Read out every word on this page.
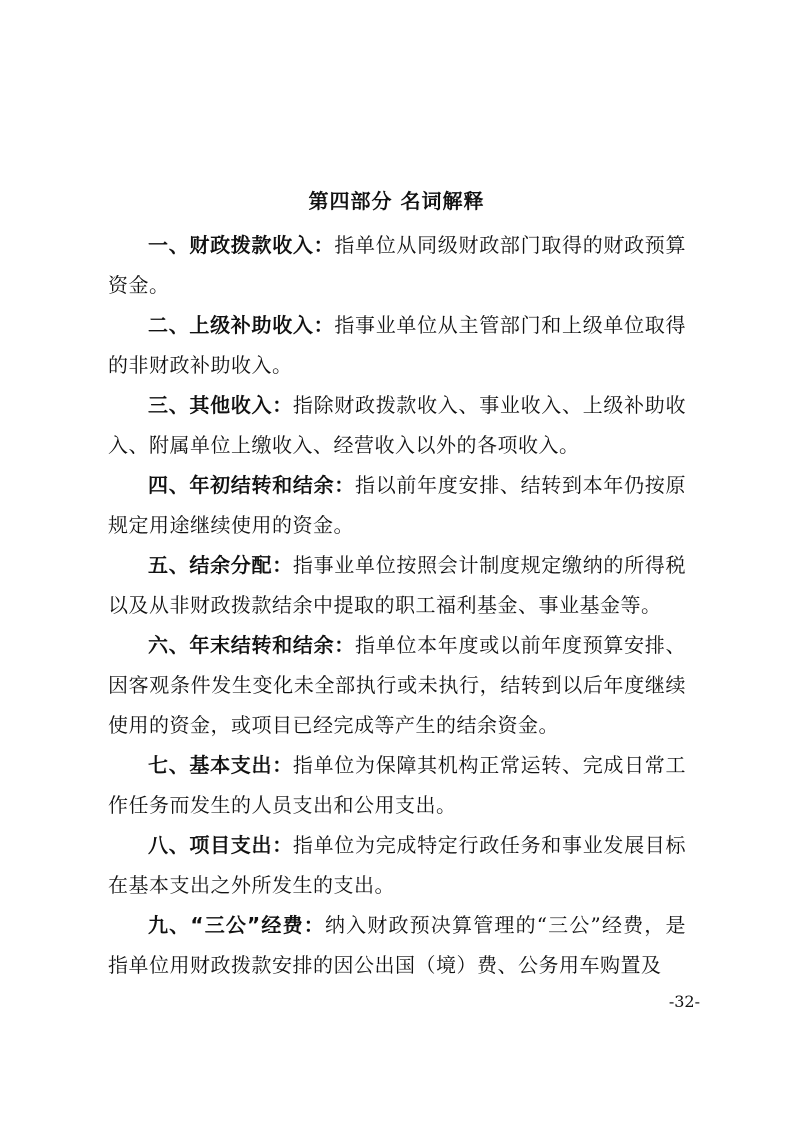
第四部分 名词解释

一、财政拨款收入：指单位从同级财政部门取得的财政预算资金。

二、上级补助收入：指事业单位从主管部门和上级单位取得的非财政补助收入。

三、其他收入：指除财政拨款收入、事业收入、上级补助收入、附属单位上缴收入、经营收入以外的各项收入。

四、年初结转和结余：指以前年度安排、结转到本年仍按原规定用途继续使用的资金。

五、结余分配：指事业单位按照会计制度规定缴纳的所得税以及从非财政拨款结余中提取的职工福利基金、事业基金等。

六、年末结转和结余：指单位本年度或以前年度预算安排、因客观条件发生变化未全部执行或未执行，结转到以后年度继续使用的资金，或项目已经完成等产生的结余资金。

七、基本支出：指单位为保障其机构正常运转、完成日常工作任务而发生的人员支出和公用支出。

八、项目支出：指单位为完成特定行政任务和事业发展目标在基本支出之外所发生的支出。

九、“三公”经费：纳入财政预决算管理的“三公”经费，是指单位用财政拨款安排的因公出国（境）费、公务用车购置及

-32-
